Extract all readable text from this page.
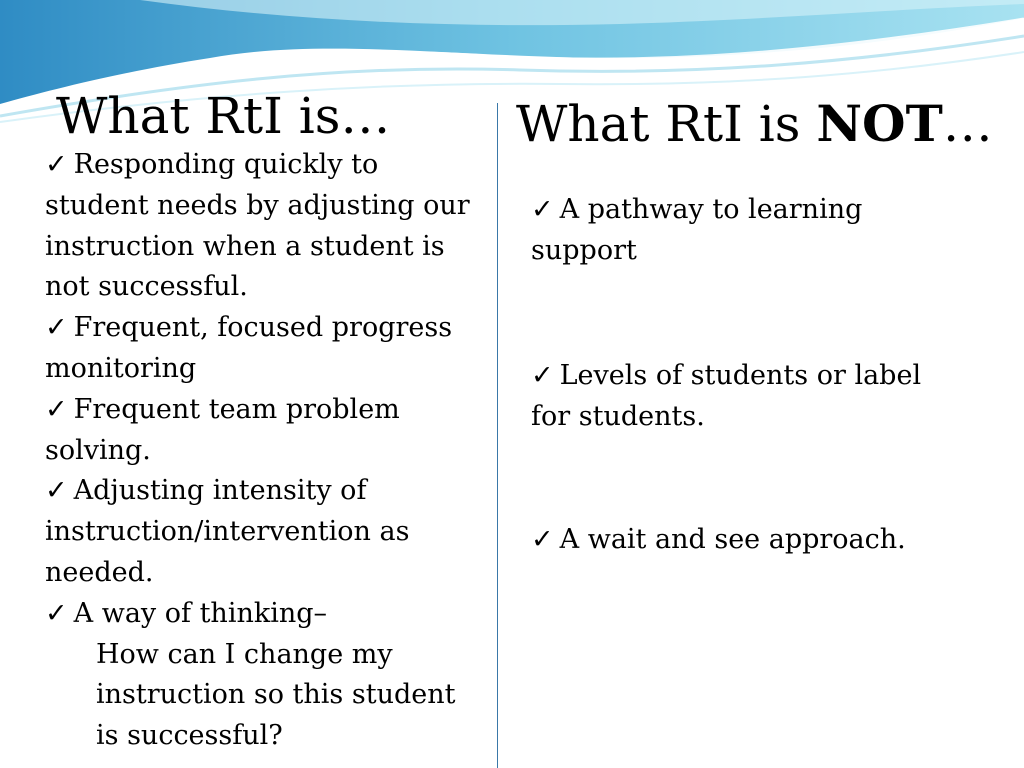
What RtI is…	What RtI is NOT…

✓ Responding quickly to student needs by adjusting our instruction when a student is not successful.

✓ Frequent, focused progress monitoring

✓ Frequent team problem solving.

✓ Adjusting intensity of instruction/intervention as needed.

✓ A way of thinking–

How can I change my instruction so this student is successful?

✓ A pathway to learning support
✓ Levels of students or label for students.
✓ A wait and see approach.
